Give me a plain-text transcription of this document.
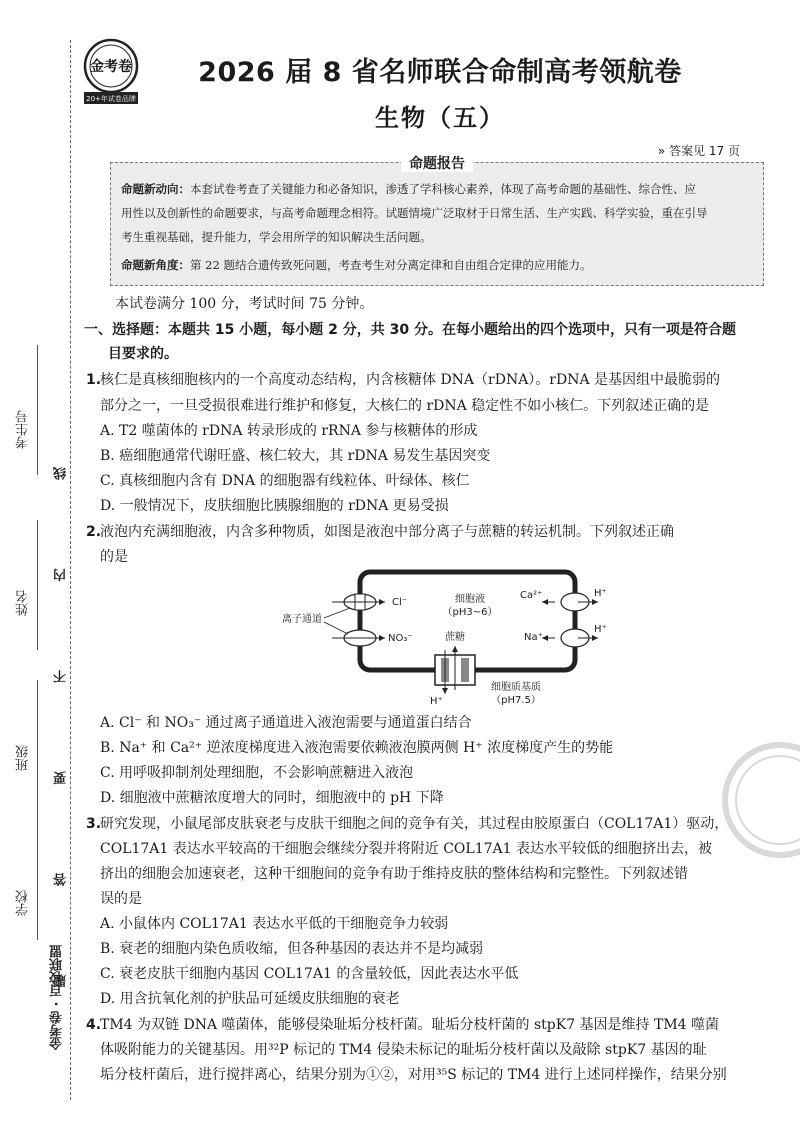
题 答 要 不 内 线
考生号
姓名
班级
学校
金考卷 · 百校联盟
金考卷
20+年试卷品牌
2026 届 8 省名师联合命制高考领航卷
生物（五）
» 答案见 17 页
命题报告
命题新动向：本套试卷考查了关键能力和必备知识，渗透了学科核心素养，体现了高考命题的基础性、综合性、应
用性以及创新性的命题要求，与高考命题理念相符。试题情境广泛取材于日常生活、生产实践、科学实验，重在引导
考生重视基础，提升能力，学会用所学的知识解决生活问题。
命题新角度：第 22 题结合遗传致死问题，考查考生对分离定律和自由组合定律的应用能力。
本试卷满分 100 分，考试时间 75 分钟。
一、选择题：本题共 15 小题，每小题 2 分，共 30 分。在每小题给出的四个选项中，只有一项是符合题
目要求的。
1.
核仁是真核细胞核内的一个高度动态结构，内含核糖体 DNA（rDNA）。rDNA 是基因组中最脆弱的
部分之一，一旦受损很难进行维护和修复，大核仁的 rDNA 稳定性不如小核仁。下列叙述正确的是
A. T2 噬菌体的 rDNA 转录形成的 rRNA 参与核糖体的形成
B. 癌细胞通常代谢旺盛、核仁较大，其 rDNA 易发生基因突变
C. 真核细胞内含有 DNA 的细胞器有线粒体、叶绿体、核仁
D. 一般情况下，皮肤细胞比胰腺细胞的 rDNA 更易受损
2.
液泡内充满细胞液，内含多种物质，如图是液泡中部分离子与蔗糖的转运机制。下列叙述正确
的是
细胞液
（pH3~6）
Cl⁻
NO₃⁻
离子通道
Ca²⁺	H⁺
Na⁺
H⁺
蔗糖
H⁺
细胞质基质
（pH7.5）
A. Cl⁻ 和 NO₃⁻ 通过离子通道进入液泡需要与通道蛋白结合
B. Na⁺ 和 Ca²⁺ 逆浓度梯度进入液泡需要依赖液泡膜两侧 H⁺ 浓度梯度产生的势能
C. 用呼吸抑制剂处理细胞，不会影响蔗糖进入液泡
D. 细胞液中蔗糖浓度增大的同时，细胞液中的 pH 下降
3.
研究发现，小鼠尾部皮肤衰老与皮肤干细胞之间的竞争有关，其过程由胶原蛋白（COL17A1）驱动，
COL17A1 表达水平较高的干细胞会继续分裂并将附近 COL17A1 表达水平较低的细胞挤出去，被
挤出的细胞会加速衰老，这种干细胞间的竞争有助于维持皮肤的整体结构和完整性。下列叙述错
误的是
A. 小鼠体内 COL17A1 表达水平低的干细胞竞争力较弱
B. 衰老的细胞内染色质收缩，但各种基因的表达并不是均减弱
C. 衰老皮肤干细胞内基因 COL17A1 的含量较低，因此表达水平低
D. 用含抗氧化剂的护肤品可延缓皮肤细胞的衰老
4.
TM4 为双链 DNA 噬菌体，能够侵染耻垢分枝杆菌。耻垢分枝杆菌的 stpK7 基因是维持 TM4 噬菌
体吸附能力的关键基因。用³²P 标记的 TM4 侵染未标记的耻垢分枝杆菌以及敲除 stpK7 基因的耻
垢分枝杆菌后，进行搅拌离心，结果分别为①②，对用³⁵S 标记的 TM4 进行上述同样操作，结果分别
